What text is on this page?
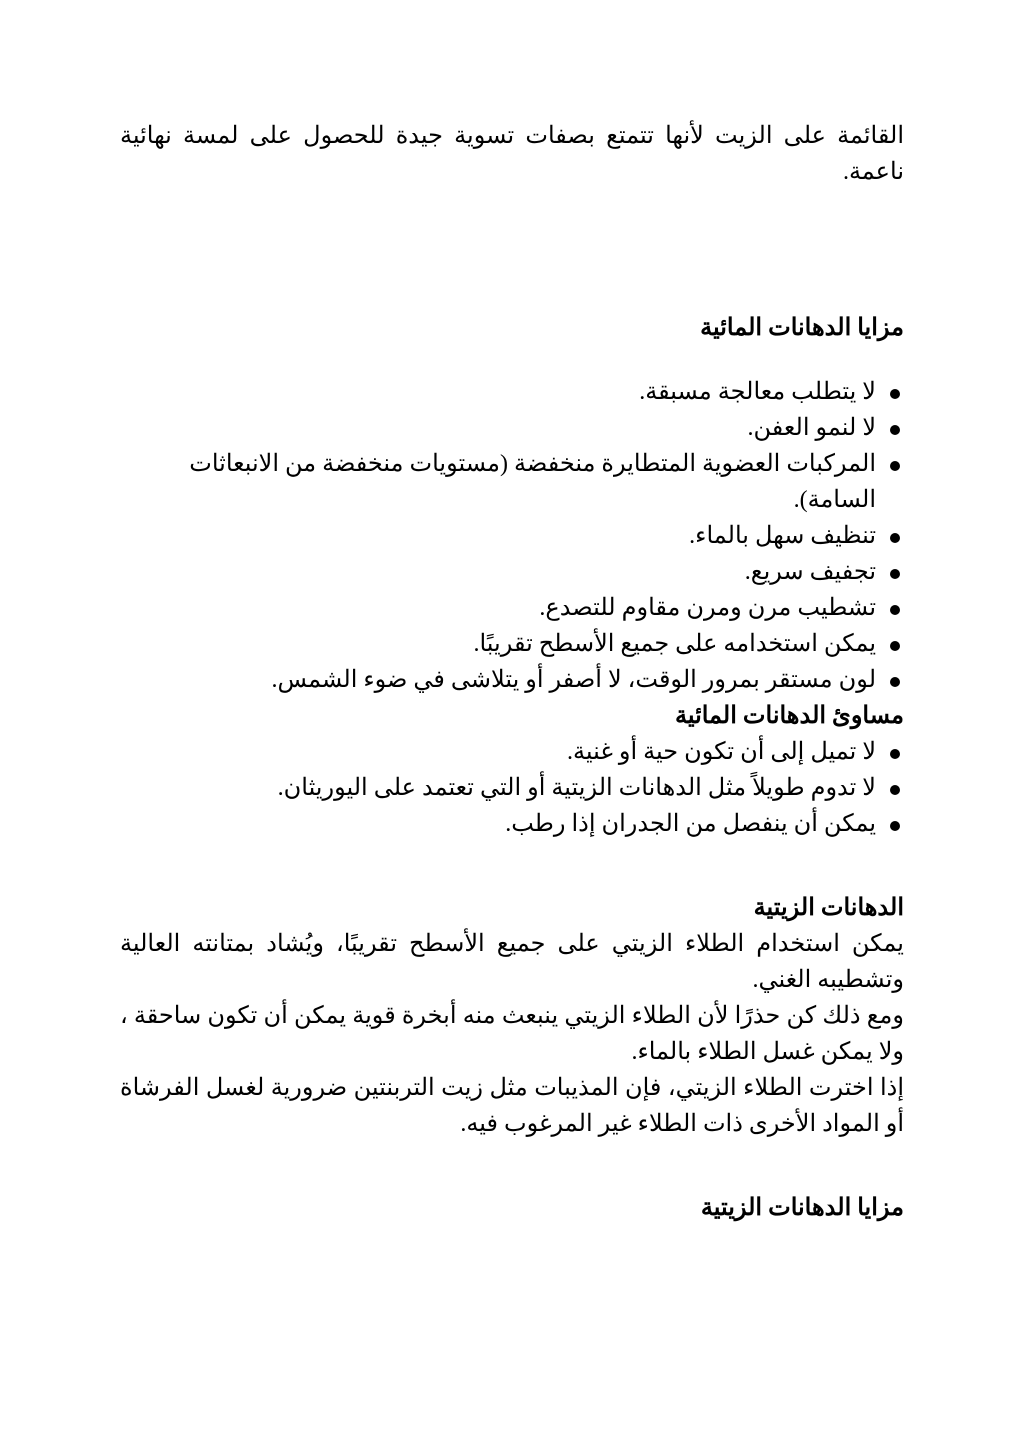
القائمة على الزيت لأنها تتمتع بصفات تسوية جيدة للحصول على لمسة نهائية ناعمة.

مزايا الدهانات المائية
لا يتطلب معالجة مسبقة.
لا لنمو العفن.
المركبات العضوية المتطايرة منخفضة (مستويات منخفضة من الانبعاثات السامة).
تنظيف سهل بالماء.
تجفيف سريع.
تشطيب مرن ومرن مقاوم للتصدع.
يمكن استخدامه على جميع الأسطح تقريبًا.
لون مستقر بمرور الوقت، لا أصفر أو يتلاشى في ضوء الشمس.
مساوئ الدهانات المائية
لا تميل إلى أن تكون حية أو غنية.
لا تدوم طويلاً مثل الدهانات الزيتية أو التي تعتمد على اليوريثان.
يمكن أن ينفصل من الجدران إذا رطب.
الدهانات الزيتية

يمكن استخدام الطلاء الزيتي على جميع الأسطح تقريبًا، ويُشاد بمتانته العالية وتشطيبه الغني.

ومع ذلك كن حذرًا لأن الطلاء الزيتي ينبعث منه أبخرة قوية يمكن أن تكون ساحقة ، ولا يمكن غسل الطلاء بالماء.

إذا اخترت الطلاء الزيتي، فإن المذيبات مثل زيت التربنتين ضرورية لغسل الفرشاة أو المواد الأخرى ذات الطلاء غير المرغوب فيه.

مزايا الدهانات الزيتية
